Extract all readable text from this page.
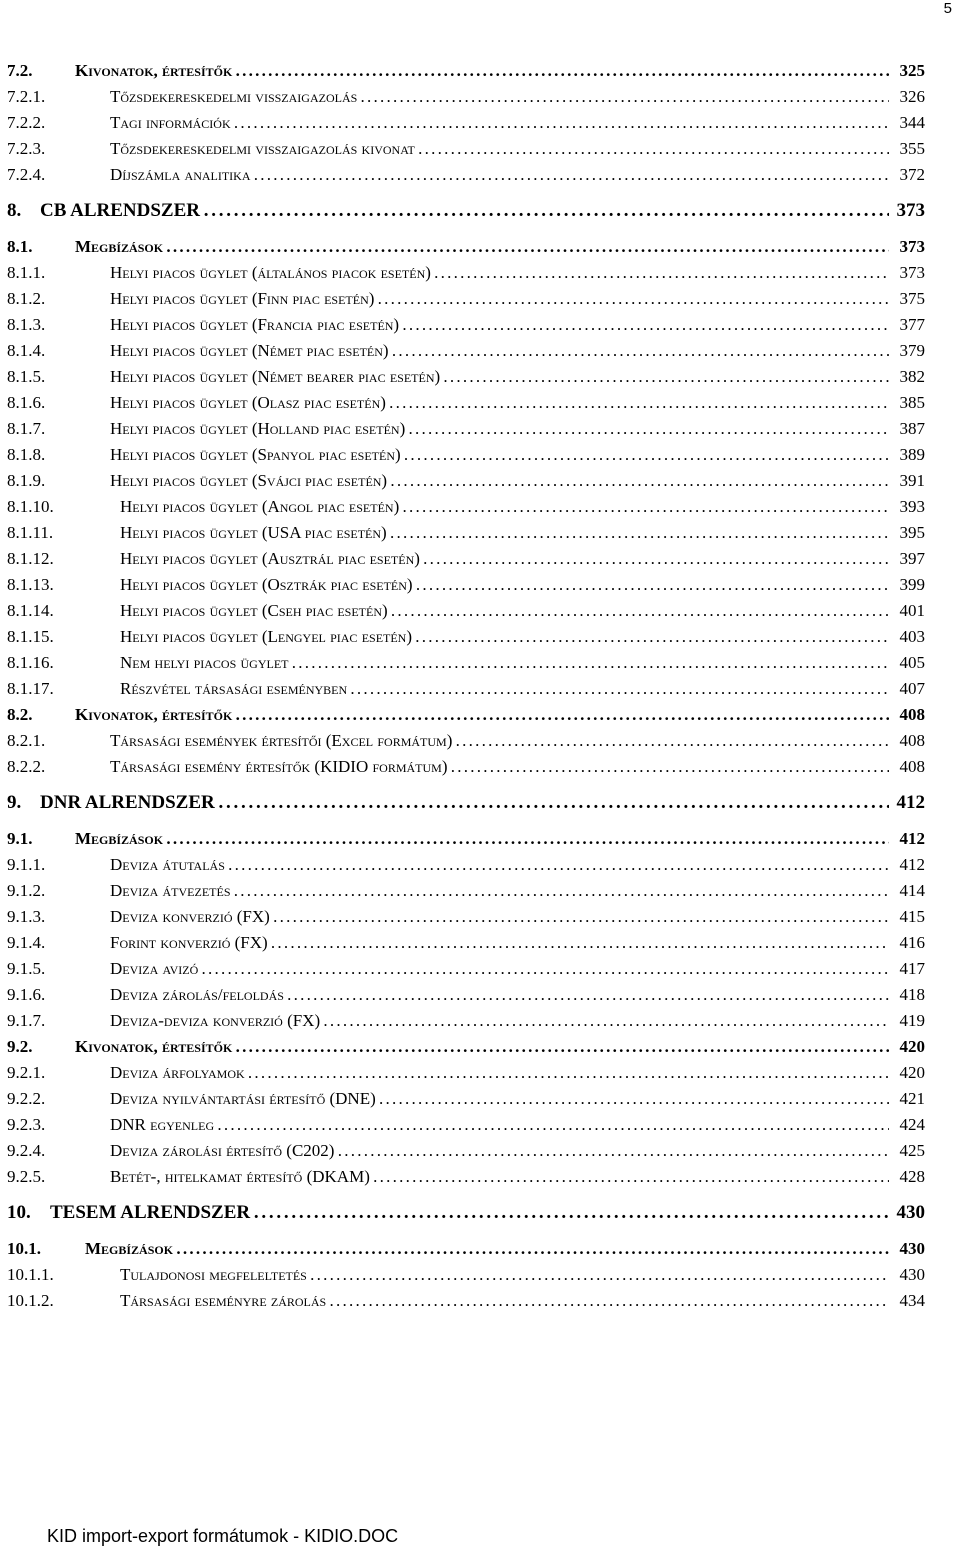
5
7.2.	Kivonatok, értesítők . . .	325
7.2.1.	Tőzsdekereskedelmi visszaigazolás . . .	326
7.2.2.	Tagi információk . . .	344
7.2.3.	Tőzsdekereskedelmi visszaigazolás kivonat . . .	355
7.2.4.	Díjszámla analitika . . .	372
8. CB ALRENDSZER . . .	373
8.1.	Megbízások . . .	373
8.1.1.	Helyi piacos ügylet (általános piacok esetén) . . .	373
8.1.2.	Helyi piacos ügylet (Finn piac esetén) . . .	375
8.1.3.	Helyi piacos ügylet (Francia piac esetén) . . .	377
8.1.4.	Helyi piacos ügylet (Német piac esetén) . . .	379
8.1.5.	Helyi piacos ügylet (Német bearer piac esetén) . . .	382
8.1.6.	Helyi piacos ügylet (Olasz piac esetén) . . .	385
8.1.7.	Helyi piacos ügylet (Holland piac esetén) . . .	387
8.1.8.	Helyi piacos ügylet (Spanyol piac esetén) . . .	389
8.1.9.	Helyi piacos ügylet (Svájci piac esetén) . . .	391
8.1.10.	Helyi piacos ügylet (Angol piac esetén) . . .	393
8.1.11.	Helyi piacos ügylet (USA piac esetén) . . .	395
8.1.12.	Helyi piacos ügylet (Ausztrál piac esetén) . . .	397
8.1.13.	Helyi piacos ügylet (Osztrák piac esetén) . . .	399
8.1.14.	Helyi piacos ügylet (Cseh piac esetén) . . .	401
8.1.15.	Helyi piacos ügylet (Lengyel piac esetén) . . .	403
8.1.16.	Nem helyi piacos ügylet . . .	405
8.1.17.	Részvétel társasági eseményben . . .	407
8.2.	Kivonatok, értesítők . . .	408
8.2.1.	Társasági események értesítői (Excel formátum) . . .	408
8.2.2.	Társasági esemény értesítők (KIDIO formátum) . . .	408
9. DNR ALRENDSZER . . .	412
9.1.	Megbízások . . .	412
9.1.1.	Deviza átutalás . . .	412
9.1.2.	Deviza átvezetés . . .	414
9.1.3.	Deviza konverzió (FX) . . .	415
9.1.4.	Forint konverzió (FX) . . .	416
9.1.5.	Deviza avizó . . .	417
9.1.6.	Deviza zárolás/feloldás . . .	418
9.1.7.	Deviza-deviza konverzió (FX) . . .	419
9.2.	Kivonatok, értesítők . . .	420
9.2.1.	Deviza árfolyamok . . .	420
9.2.2.	Deviza nyilvántartási értesítő (DNE) . . .	421
9.2.3.	DNR egyenleg . . .	424
9.2.4.	Deviza zárolási értesítő (C202) . . .	425
9.2.5.	Betét-, hitelkamat értesítő (DKAM) . . .	428
10. TESEM ALRENDSZER . . .	430
10.1.	Megbízások . . .	430
10.1.1.	Tulajdonosi megfeleltetés . . .	430
10.1.2.	Társasági eseményre zárolás . . .	434
KID import-export formátumok - KIDIO.DOC
